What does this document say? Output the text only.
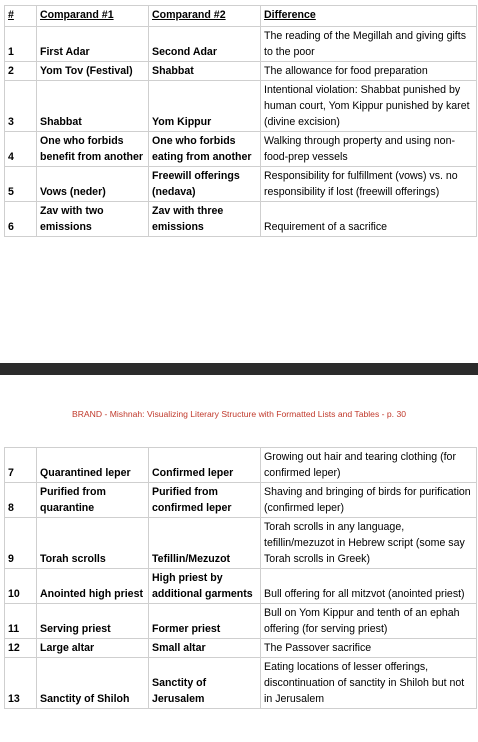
#	Comparand #1	Comparand #2	Difference
1	First Adar	Second Adar	The reading of the Megillah and giving gifts to the poor
2	Yom Tov (Festival)	Shabbat	The allowance for food preparation
3	Shabbat	Yom Kippur	Intentional violation: Shabbat punished by human court, Yom Kippur punished by karet (divine excision)
4	One who forbids benefit from another	One who forbids eating from another	Walking through property and using non-food-prep vessels
5	Vows (neder)	Freewill offerings (nedava)	Responsibility for fulfillment (vows) vs. no responsibility if lost (freewill offerings)
6	Zav with two emissions	Zav with three emissions	Requirement of a sacrifice
BRAND - Mishnah: Visualizing Literary Structure with Formatted Lists and Tables - p. 30
7	Quarantined leper	Confirmed leper	Growing out hair and tearing clothing (for confirmed leper)
8	Purified from quarantine	Purified from confirmed leper	Shaving and bringing of birds for purification (confirmed leper)
9	Torah scrolls	Tefillin/Mezuzot	Torah scrolls in any language, tefillin/mezuzot in Hebrew script (some say Torah scrolls in Greek)
10	Anointed high priest	High priest by additional garments	Bull offering for all mitzvot (anointed priest)
11	Serving priest	Former priest	Bull on Yom Kippur and tenth of an ephah offering (for serving priest)
12	Large altar	Small altar	The Passover sacrifice
13	Sanctity of Shiloh	Sanctity of Jerusalem	Eating locations of lesser offerings, discontinuation of sanctity in Shiloh but not in Jerusalem
